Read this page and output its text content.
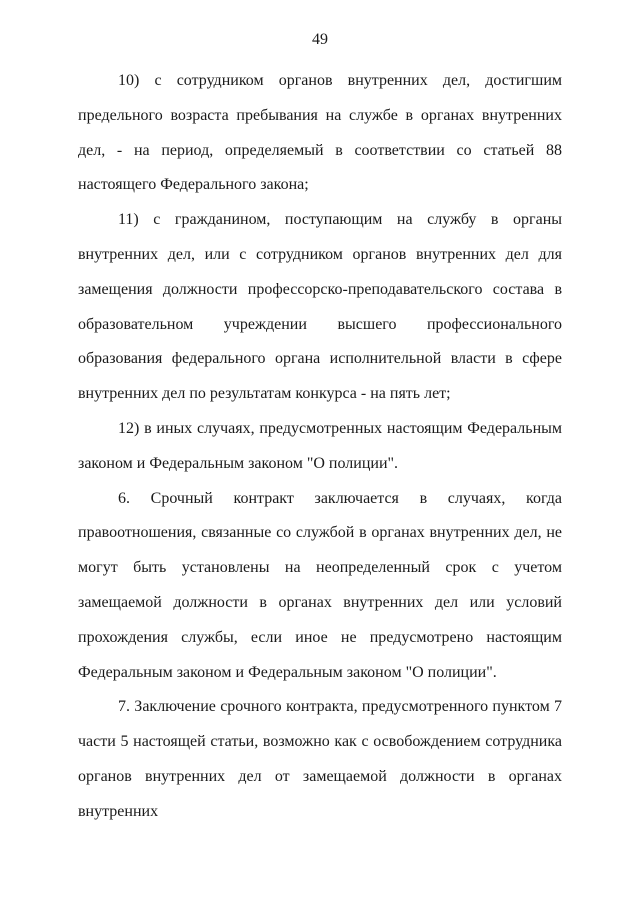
49

10) с сотрудником органов внутренних дел, достигшим предельного возраста пребывания на службе в органах внутренних дел, - на период, определяемый в соответствии со статьей 88 настоящего Федерального закона;

11) с гражданином, поступающим на службу в органы внутренних дел, или с сотрудником органов внутренних дел для замещения должности профессорско-преподавательского состава в образовательном учреждении высшего профессионального образования федерального органа исполнительной власти в сфере внутренних дел по результатам конкурса - на пять лет;

12) в иных случаях, предусмотренных настоящим Федеральным законом и Федеральным законом "О полиции".

6. Срочный контракт заключается в случаях, когда правоотношения, связанные со службой в органах внутренних дел, не могут быть установлены на неопределенный срок с учетом замещаемой должности в органах внутренних дел или условий прохождения службы, если иное не предусмотрено настоящим Федеральным законом и Федеральным законом "О полиции".

7. Заключение срочного контракта, предусмотренного пунктом 7 части 5 настоящей статьи, возможно как с освобождением сотрудника органов внутренних дел от замещаемой должности в органах внутренних
